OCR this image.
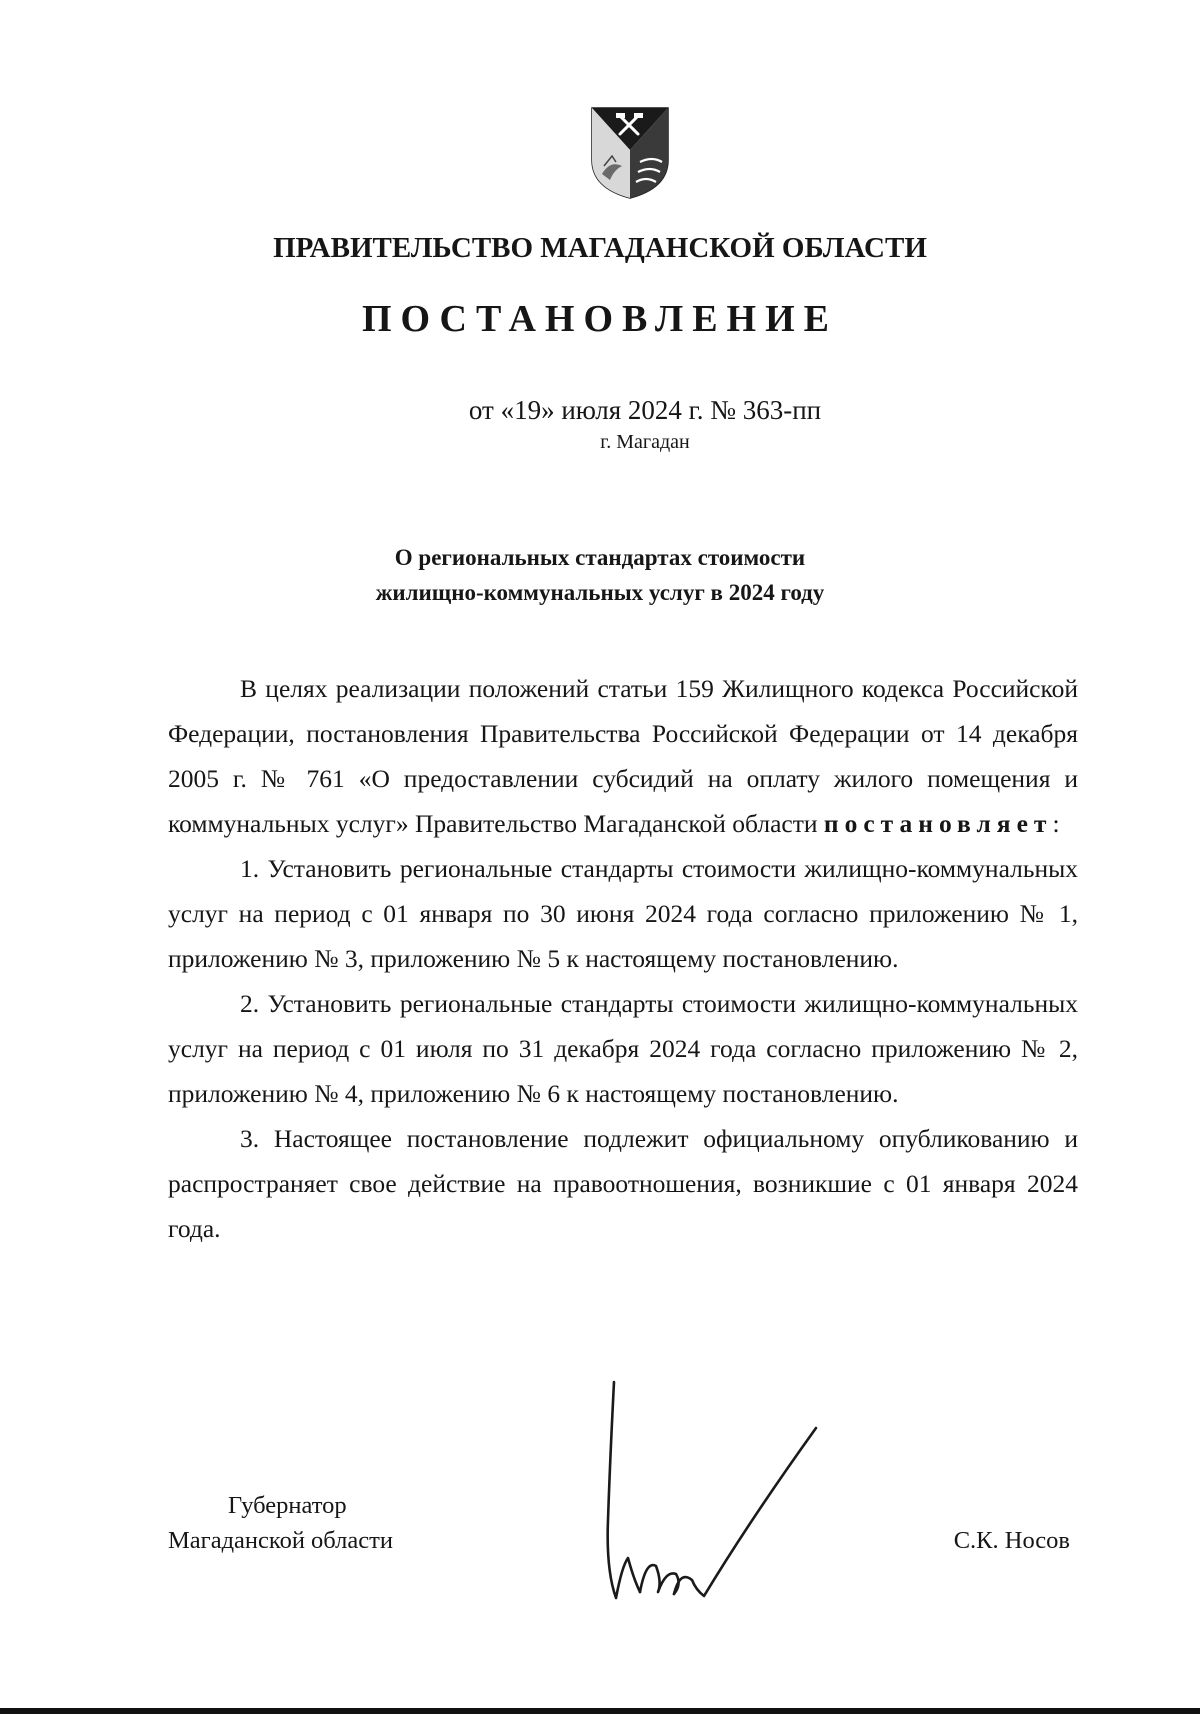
ПРАВИТЕЛЬСТВО МАГАДАНСКОЙ ОБЛАСТИ
ПОСТАНОВЛЕНИЕ
от «19» июля 2024 г. № 363-пп
г. Магадан
О региональных стандартах стоимости
жилищно-коммунальных услуг в 2024 году

В целях реализации положений статьи 159 Жилищного кодекса Российской Федерации, постановления Правительства Российской Федерации от 14 декабря 2005 г. № 761 «О предоставлении субсидий на оплату жилого помещения и коммунальных услуг» Правительство Магаданской области постановляет:

1. Установить региональные стандарты стоимости жилищно-коммунальных услуг на период с 01 января по 30 июня 2024 года согласно приложению № 1, приложению № 3, приложению № 5 к настоящему постановлению.

2. Установить региональные стандарты стоимости жилищно-коммунальных услуг на период с 01 июля по 31 декабря 2024 года согласно приложению № 2, приложению № 4, приложению № 6 к настоящему постановлению.

3. Настоящее постановление подлежит официальному опубликованию и распространяет свое действие на правоотношения, возникшие с 01 января 2024 года.

Губернатор
Магаданской области	С.К. Носов
